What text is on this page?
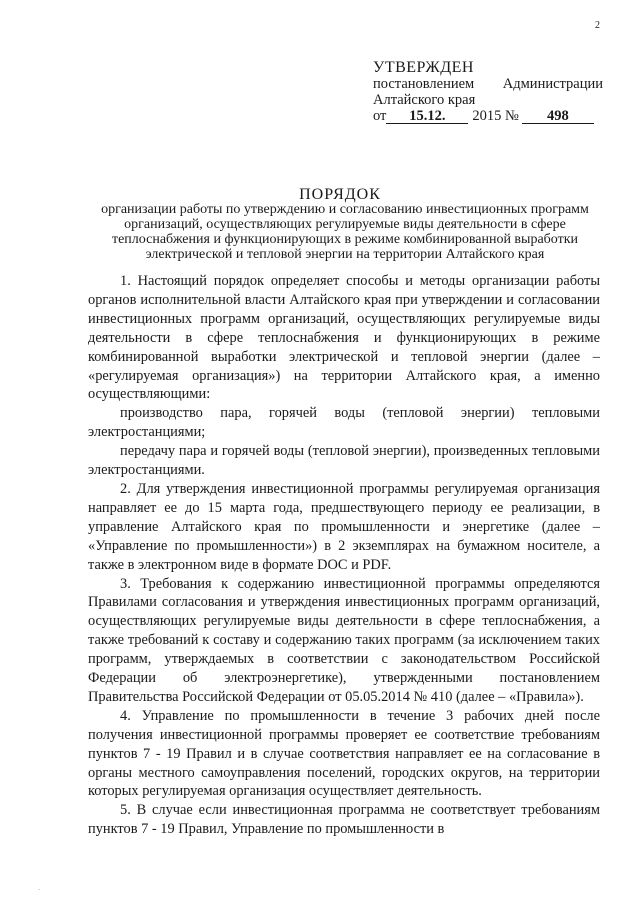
2
УТВЕРЖДЕН
постановлением Администрации
Алтайского края
от	15.12.	2015 №	498
ПОРЯДОК
организации работы по утверждению и согласованию инвестиционных программ организаций, осуществляющих регулируемые виды деятельности в сфере теплоснабжения и функционирующих в режиме комбинированной выработки электрической и тепловой энергии на территории Алтайского края

1. Настоящий порядок определяет способы и методы организации работы органов исполнительной власти Алтайского края при утверждении и согласовании инвестиционных программ организаций, осуществляющих регулируемые виды деятельности в сфере теплоснабжения и функционирующих в режиме комбинированной выработки электрической и тепловой энергии (далее – «регулируемая организация») на территории Алтайского края, а именно осуществляющими:

производство пара, горячей воды (тепловой энергии) тепловыми электростанциями;

передачу пара и горячей воды (тепловой энергии), произведенных тепловыми электростанциями.

2. Для утверждения инвестиционной программы регулируемая организация направляет ее до 15 марта года, предшествующего периоду ее реализации, в управление Алтайского края по промышленности и энергетике (далее – «Управление по промышленности») в 2 экземплярах на бумажном носителе, а также в электронном виде в формате DOC и PDF.

3. Требования к содержанию инвестиционной программы определяются Правилами согласования и утверждения инвестиционных программ организаций, осуществляющих регулируемые виды деятельности в сфере теплоснабжения, а также требований к составу и содержанию таких программ (за исключением таких программ, утверждаемых в соответствии с законодательством Российской Федерации об электроэнергетике), утвержденными постановлением Правительства Российской Федерации от 05.05.2014 № 410 (далее – «Правила»).

4. Управление по промышленности в течение 3 рабочих дней после получения инвестиционной программы проверяет ее соответствие требованиям пунктов 7 - 19 Правил и в случае соответствия направляет ее на согласование в органы местного самоуправления поселений, городских округов, на территории которых регулируемая организация осуществляет деятельность.

5. В случае если инвестиционная программа не соответствует требованиям пунктов 7 - 19 Правил, Управление по промышленности в

.
